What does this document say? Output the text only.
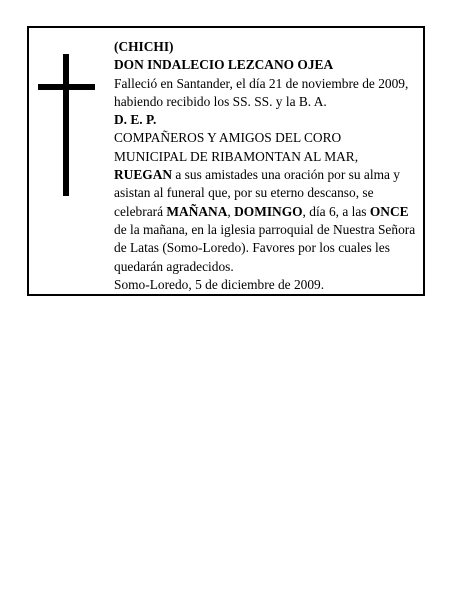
(CHICHI)

DON INDALECIO LEZCANO OJEA

Falleció en Santander, el día 21 de noviembre de 2009,

habiendo recibido los SS. SS. y la B. A.

D. E. P.

COMPAÑEROS Y AMIGOS DEL CORO

MUNICIPAL DE RIBAMONTAN AL MAR,

RUEGAN a sus amistades una oración por su alma y asistan al funeral que, por su eterno descanso, se celebrará MAÑANA, DOMINGO, día 6, a las ONCE de la mañana, en la iglesia parroquial de Nuestra Señora de Latas (Somo-Loredo). Favores por los cuales les quedarán agradecidos.

Somo-Loredo, 5 de diciembre de 2009.
